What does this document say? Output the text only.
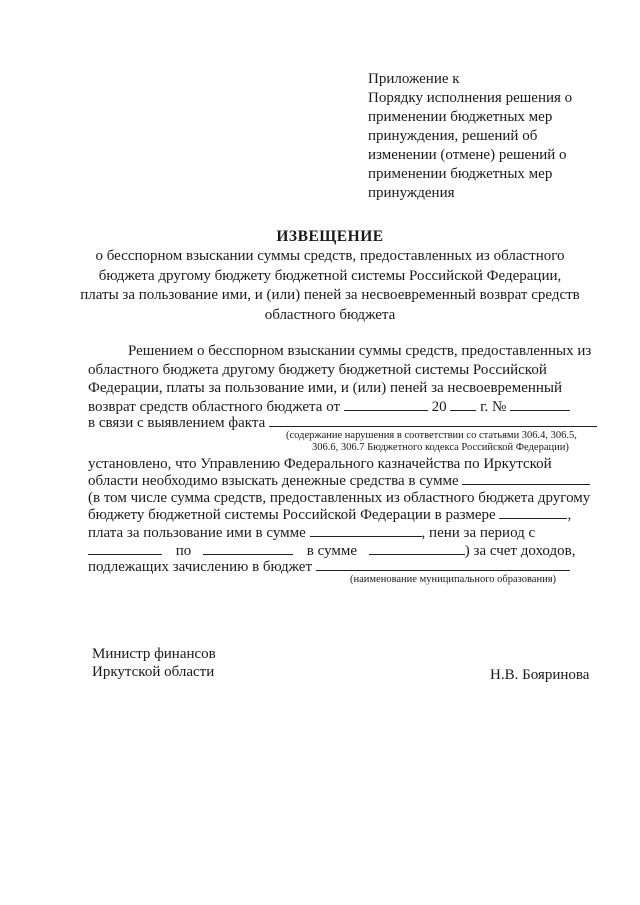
Приложение к
Порядку исполнения решения о
применении бюджетных мер
принуждения, решений об
изменении (отмене) решений о
применении бюджетных мер
принуждения
ИЗВЕЩЕНИЕ
о бесспорном взыскании суммы средств, предоставленных из областного
бюджета другому бюджету бюджетной системы Российской Федерации,
платы за пользование ими, и (или) пеней за несвоевременный возврат средств
областного бюджета
Решением о бесспорном взыскании суммы средств, предоставленных из
областного бюджета другому бюджету бюджетной системы Российской
Федерации, платы за пользование ими, и (или) пеней за несвоевременный
возврат средств областного бюджета от	20 г. №
в связи с выявлением факта
(содержание нарушения в соответствии со статьями 306.4, 306.5,
306.6, 306.7 Бюджетного кодекса Российской Федерации)
установлено, что Управлению Федерального казначейства по Иркутской
области необходимо взыскать денежные средства в сумме
(в том числе сумма средств, предоставленных из областного бюджета другому
бюджету бюджетной системы Российской Федерации в размере	,
плата за пользование ими в сумме	, пени за период с
по	в сумме	) за счет доходов,
подлежащих зачислению в бюджет
(наименование муниципального образования)
Министр финансов
Иркутской области	Н.В. Бояринова
